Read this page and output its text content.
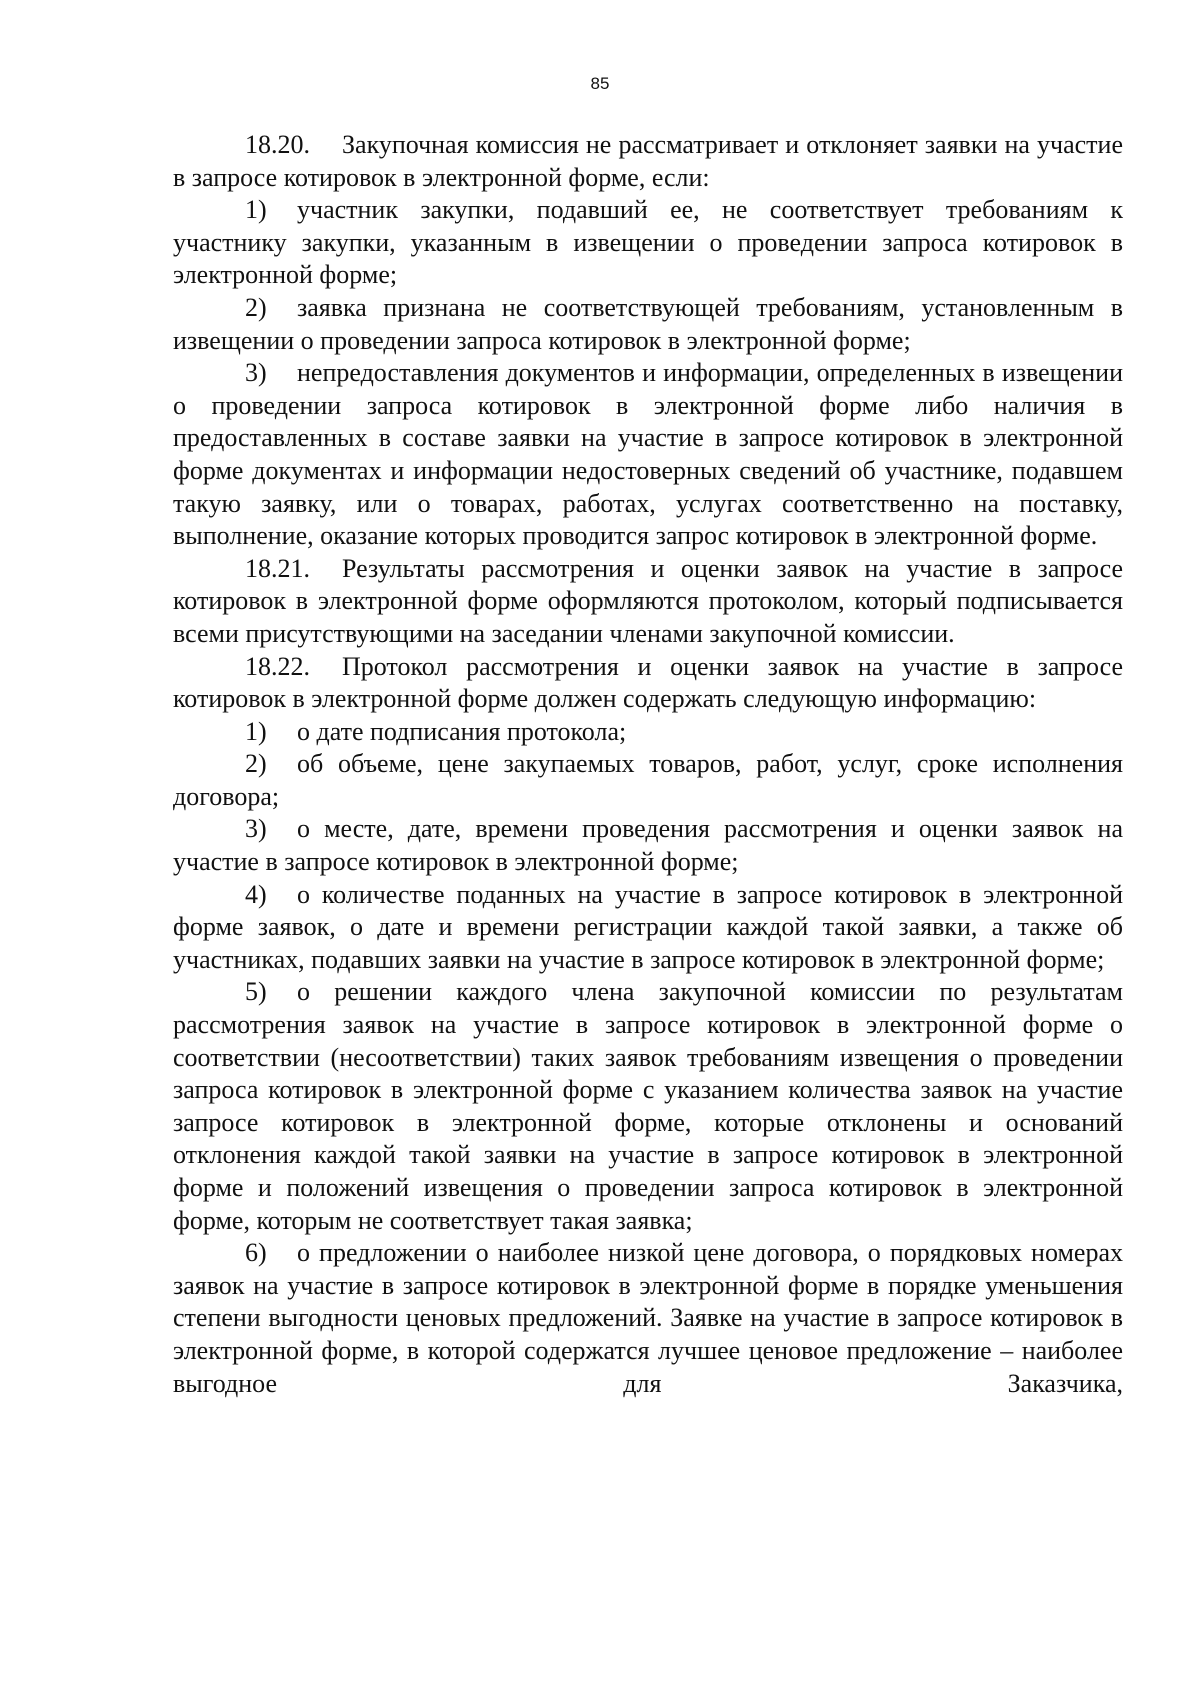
85

18.20. Закупочная комиссия не рассматривает и отклоняет заявки на участие в запросе котировок в электронной форме, если:

1) участник закупки, подавший ее, не соответствует требованиям к участнику закупки, указанным в извещении о проведении запроса котировок в электронной форме;

2) заявка признана не соответствующей требованиям, установленным в извещении о проведении запроса котировок в электронной форме;

3) непредоставления документов и информации, определенных в извещении о проведении запроса котировок в электронной форме либо наличия в предоставленных в составе заявки на участие в запросе котировок в электронной форме документах и информации недостоверных сведений об участнике, подавшем такую заявку, или о товарах, работах, услугах соответственно на поставку, выполнение, оказание которых проводится запрос котировок в электронной форме.

18.21. Результаты рассмотрения и оценки заявок на участие в запросе котировок в электронной форме оформляются протоколом, который подписывается всеми присутствующими на заседании членами закупочной комиссии.

18.22. Протокол рассмотрения и оценки заявок на участие в запросе котировок в электронной форме должен содержать следующую информацию:

1) о дате подписания протокола;

2) об объеме, цене закупаемых товаров, работ, услуг, сроке исполнения договора;

3) о месте, дате, времени проведения рассмотрения и оценки заявок на участие в запросе котировок в электронной форме;

4) о количестве поданных на участие в запросе котировок в электронной форме заявок, о дате и времени регистрации каждой такой заявки, а также об участниках, подавших заявки на участие в запросе котировок в электронной форме;

5) о решении каждого члена закупочной комиссии по результатам рассмотрения заявок на участие в запросе котировок в электронной форме о соответствии (несоответствии) таких заявок требованиям извещения о проведении запроса котировок в электронной форме с указанием количества заявок на участие запросе котировок в электронной форме, которые отклонены и оснований отклонения каждой такой заявки на участие в запросе котировок в электронной форме и положений извещения о проведении запроса котировок в электронной форме, которым не соответствует такая заявка;

6) о предложении о наиболее низкой цене договора, о порядковых номерах заявок на участие в запросе котировок в электронной форме в порядке уменьшения степени выгодности ценовых предложений. Заявке на участие в запросе котировок в электронной форме, в которой содержатся лучшее ценовое предложение – наиболее выгодное для Заказчика,
